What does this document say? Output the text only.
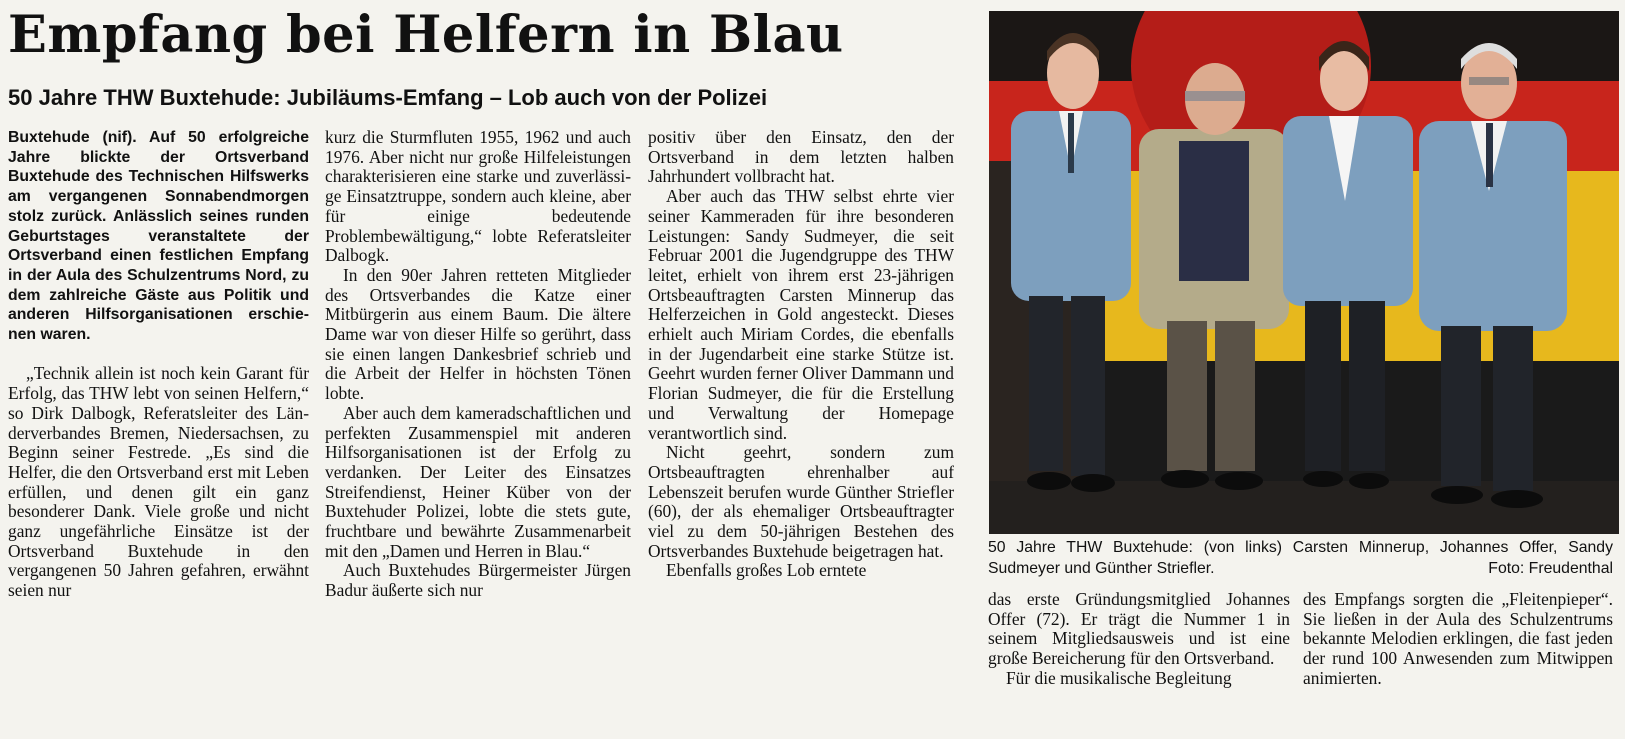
Empfang bei Helfern in Blau
50 Jahre THW Buxtehude: Jubiläums-Emfang – Lob auch von der Polizei

Buxtehude (nif). Auf 50 erfolgreiche Jahre blickte der Ortsverband Buxtehude des Technischen Hilfswerks am vergangenen Sonnabendmorgen stolz zurück. Anlässlich seines runden Geburtstages veranstaltete der Ortsverband einen festlichen Empfang in der Aula des Schulzentrums Nord, zu dem zahlreiche Gäste aus Politik und anderen Hilfsorganisationen erschienen waren.

„Technik allein ist noch kein Garant für Erfolg, das THW lebt von seinen Helfern,“ so Dirk Dalbogk, Referatsleiter des Länderverbandes Bremen, Niedersachsen, zu Beginn seiner Festrede. „Es sind die Helfer, die den Ortsverband erst mit Leben erfüllen, und denen gilt ein ganz besonderer Dank. Viele große und nicht ganz ungefährliche Einsätze ist der Ortsverband Buxtehude in den vergangenen 50 Jahren gefahren, erwähnt seien nur

kurz die Sturmfluten 1955, 1962 und auch 1976. Aber nicht nur große Hilfeleistungen charakterisieren eine starke und zuverlässige Einsatztruppe, sondern auch kleine, aber für einige bedeutende Problembewältigung,“ lobte Referatsleiter Dalbogk.

In den 90er Jahren retteten Mitglieder des Ortsverbandes die Katze einer Mitbürgerin aus einem Baum. Die ältere Dame war von dieser Hilfe so gerührt, dass sie einen langen Dankesbrief schrieb und die Arbeit der Helfer in höchsten Tönen lobte.

Aber auch dem kameradschaftlichen und perfekten Zusammenspiel mit anderen Hilfsorganisationen ist der Erfolg zu verdanken. Der Leiter des Einsatzes Streifendienst, Heiner Küber von der Buxtehuder Polizei, lobte die stets gute, fruchtbare und bewährte Zusammenarbeit mit den „Damen und Herren in Blau.“

Auch Buxtehudes Bürgermeister Jürgen Badur äußerte sich nur

positiv über den Einsatz, den der Ortsverband in dem letzten halben Jahrhundert vollbracht hat.

Aber auch das THW selbst ehrte vier seiner Kammeraden für ihre besonderen Leistungen: Sandy Sudmeyer, die seit Februar 2001 die Jugendgruppe des THW leitet, erhielt von ihrem erst 23-jährigen Ortsbeauftragten Carsten Minnerup das Helferzeichen in Gold angesteckt. Dieses erhielt auch Miriam Cordes, die ebenfalls in der Jugendarbeit eine starke Stütze ist. Geehrt wurden ferner Oliver Dammann und Florian Sudmeyer, die für die Erstellung und Verwaltung der Homepage verantwortlich sind.

Nicht geehrt, sondern zum Ortsbeauftragten ehrenhalber auf Lebenszeit berufen wurde Günther Striefler (60), der als ehemaliger Ortsbeauftragter viel zu dem 50-jährigen Bestehen des Ortsverbandes Buxtehude beigetragen hat.

Ebenfalls großes Lob erntete

50 Jahre THW Buxtehude: (von links) Carsten Minnerup, Johannes Offer, Sandy Sudmeyer und Günther Striefler.	Foto: Freudenthal

das erste Gründungsmitglied Johannes Offer (72). Er trägt die Nummer 1 in seinem Mitgliedsausweis und ist eine große Bereicherung für den Ortsverband.

Für die musikalische Begleitung

des Empfangs sorgten die „Fleitenpieper“. Sie ließen in der Aula des Schulzentrums bekannte Melodien erklingen, die fast jeden der rund 100 Anwesenden zum Mitwippen animierten.
